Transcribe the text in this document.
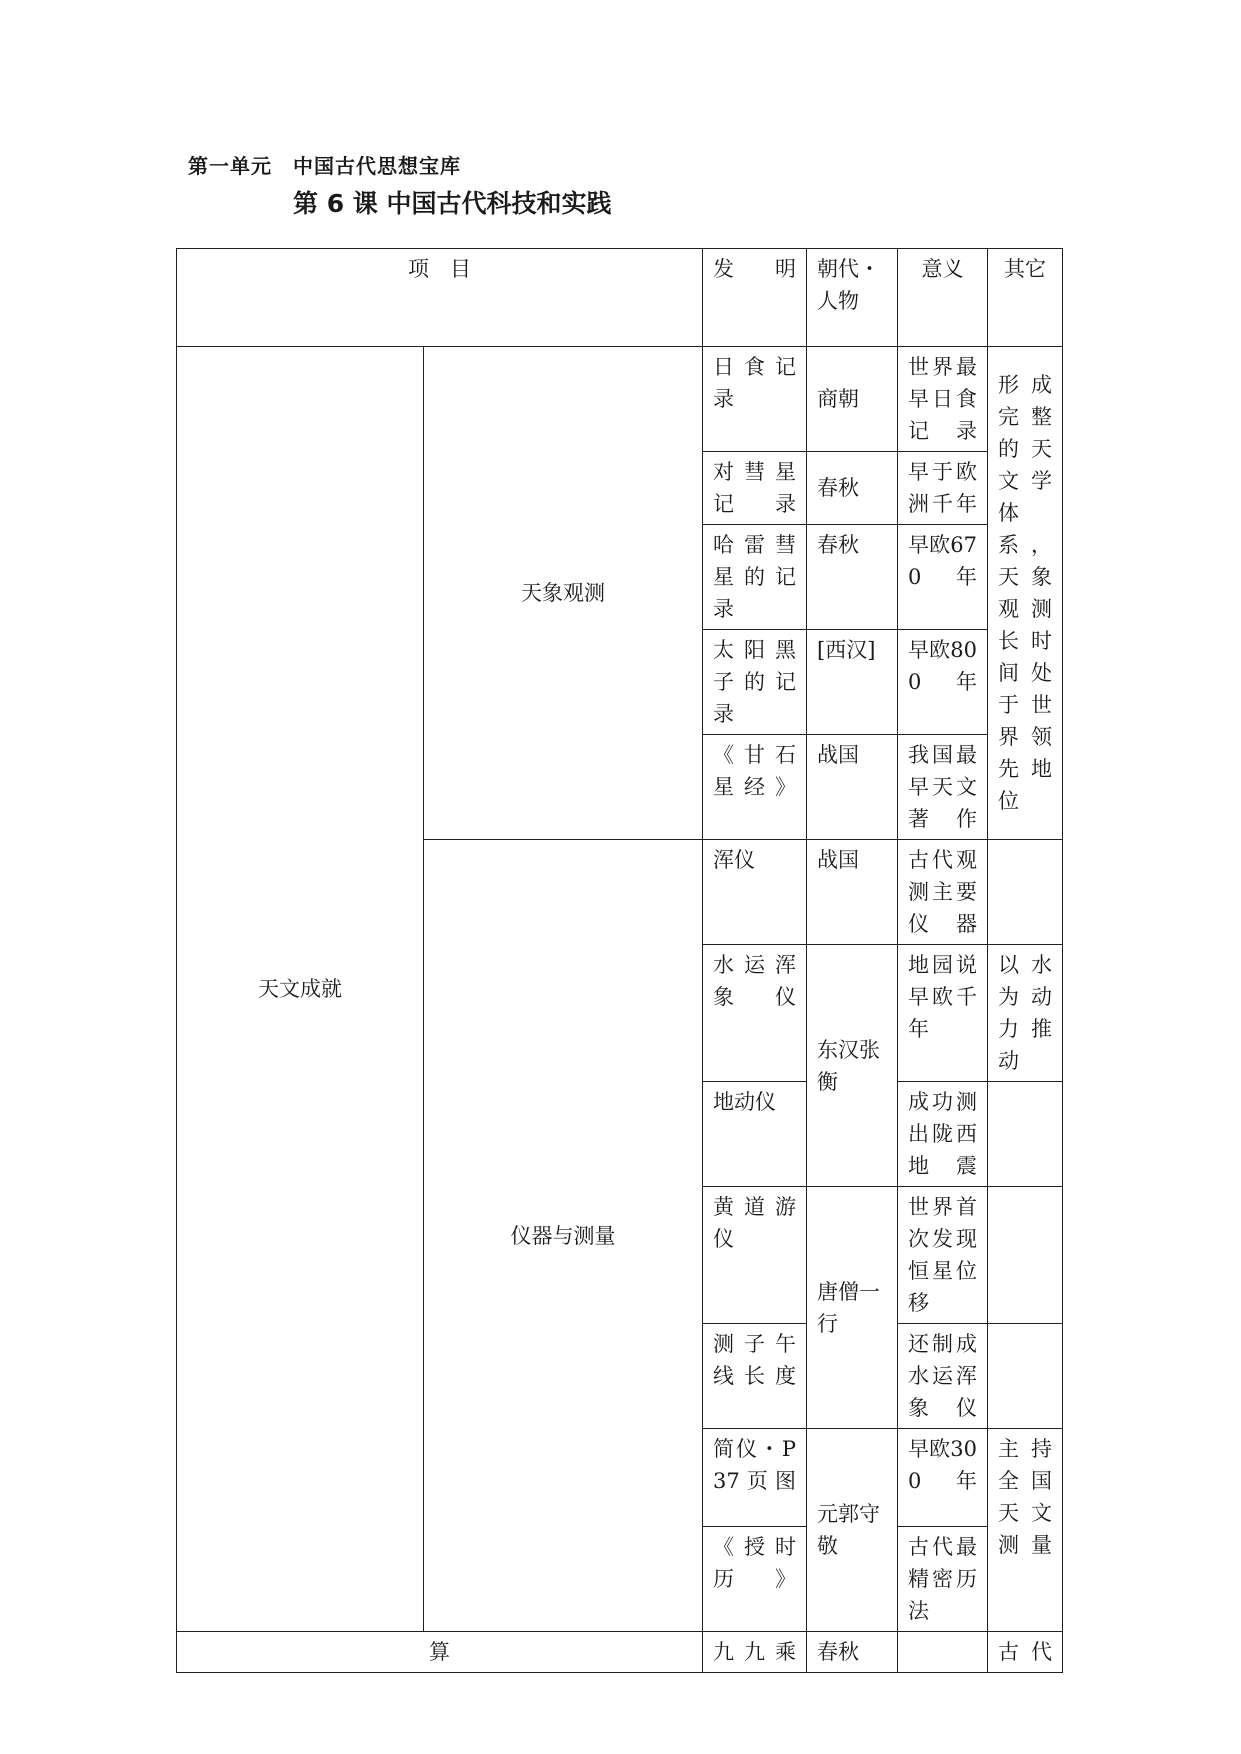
第一单元　中国古代思想宝库
第 6 课 中国古代科技和实践
项　目		发　明	朝代・人物	意义	其它
天文成就	天象观测	日食记录	商朝	世界最早日食记录	形成完整的天文学体系，天象观测长时间处于世界领先地位
		对彗星记录	春秋	早于欧洲千年	
		哈雷彗星的记录	春秋	早欧670年	
		太阳黑子的记录	[西汉]	早欧800年	
		《甘石星经》	战国	我国最早天文著作	
	仪器与测量	浑仪	战国	古代观测主要仪器	
		水运浑象仪	东汉张衡	地园说早欧千年	以水为动力推动
		地动仪		成功测出陇西地震	
		黄道游仪	唐僧一行	世界首次发现恒星位移	
		测子午线长度		还制成水运浑象仪	
		简仪・P37页图	元郭守敬	早欧300年	主持全国天文测量
		《授时历》		古代最精密历法	
算		九九乘	春秋		古代
